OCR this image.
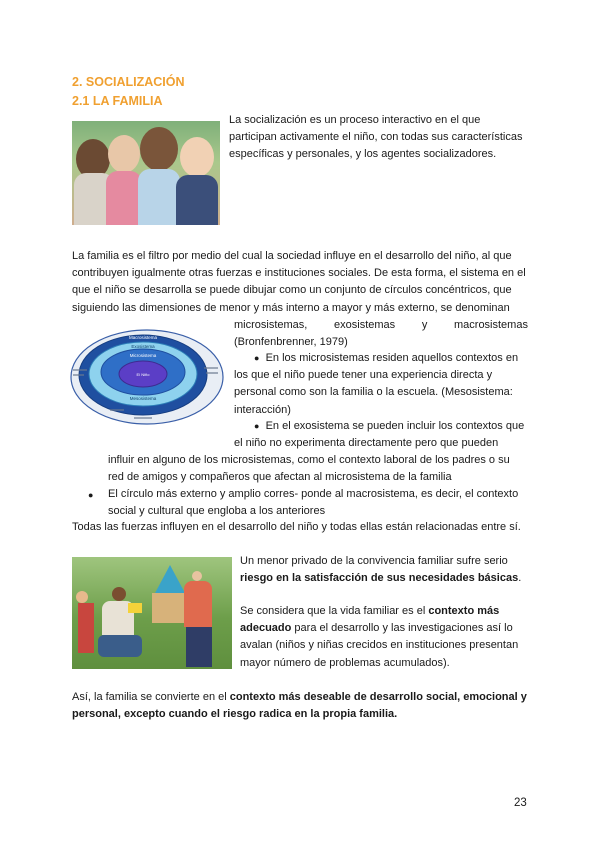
2. SOCIALIZACIÓN
2.1 LA FAMILIA
La socialización es un proceso interactivo en el que
participan activamente el niño, con todas sus características
específicas y personales, y los agentes socializadores.
La familia es el filtro por medio del cual la sociedad influye en el desarrollo del niño, al que
contribuyen igualmente otras fuerzas e instituciones sociales. De esta forma, el sistema en el
que el niño se desarrolla se puede dibujar como un conjunto de círculos concéntricos, que
siguiendo las dimensiones de menor y más interno a mayor y más externo, se denominan
Macrosistema
Exosistema
Microsistema
El Niño
Mesosistema
microsistemas, exosistemas y macrosistemas
(Bronfenbrenner, 1979)
● En los microsistemas residen aquellos contextos en
los que el niño puede tener una experiencia directa y
personal como son la familia o la escuela. (Mesosistema:
interacción)
● En el exosistema se pueden incluir los contextos que
el niño no experimenta directamente pero que pueden
influir en alguno de los microsistemas, como el contexto laboral de los padres o su
red de amigos y compañeros que afectan al microsistema de la familia
● El círculo más externo y amplio corres- ponde al macrosistema, es decir, el contexto
social y cultural que engloba a los anteriores
Todas las fuerzas influyen en el desarrollo del niño y todas ellas están relacionadas entre sí.
Un menor privado de la convivencia familiar sufre serio
riesgo en la satisfacción de sus necesidades básicas.
Se considera que la vida familiar es el contexto más
adecuado para el desarrollo y las investigaciones así lo
avalan (niños y niñas crecidos en instituciones presentan
mayor número de problemas acumulados).
Así, la familia se convierte en el contexto más deseable de desarrollo social, emocional y
personal, excepto cuando el riesgo radica en la propia familia.
23
